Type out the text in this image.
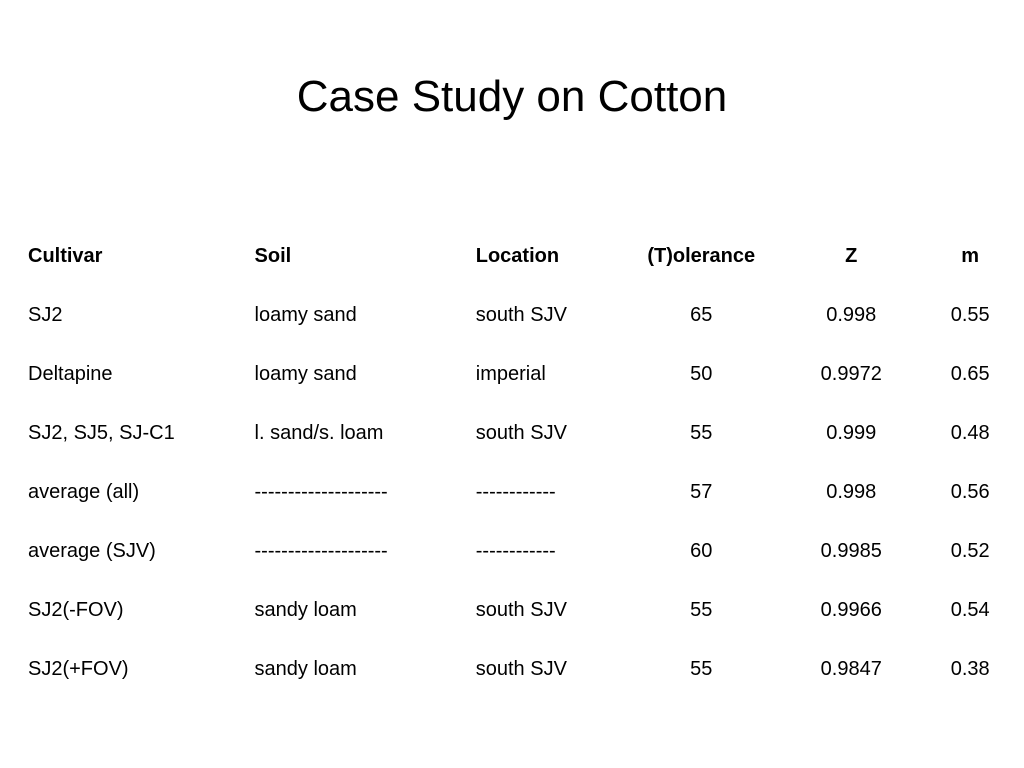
Case Study on Cotton
Cultivar	Soil	Location	(T)olerance	Z	m
SJ2	loamy sand	south SJV	65	0.998	0.55
Deltapine	loamy sand	imperial	50	0.9972	0.65
SJ2, SJ5, SJ-C1	l. sand/s. loam	south SJV	55	0.999	0.48
average (all)	--------------------	------------	57	0.998	0.56
average (SJV)	--------------------	------------	60	0.9985	0.52
SJ2(-FOV)	sandy loam	south SJV	55	0.9966	0.54
SJ2(+FOV)	sandy loam	south SJV	55	0.9847	0.38
